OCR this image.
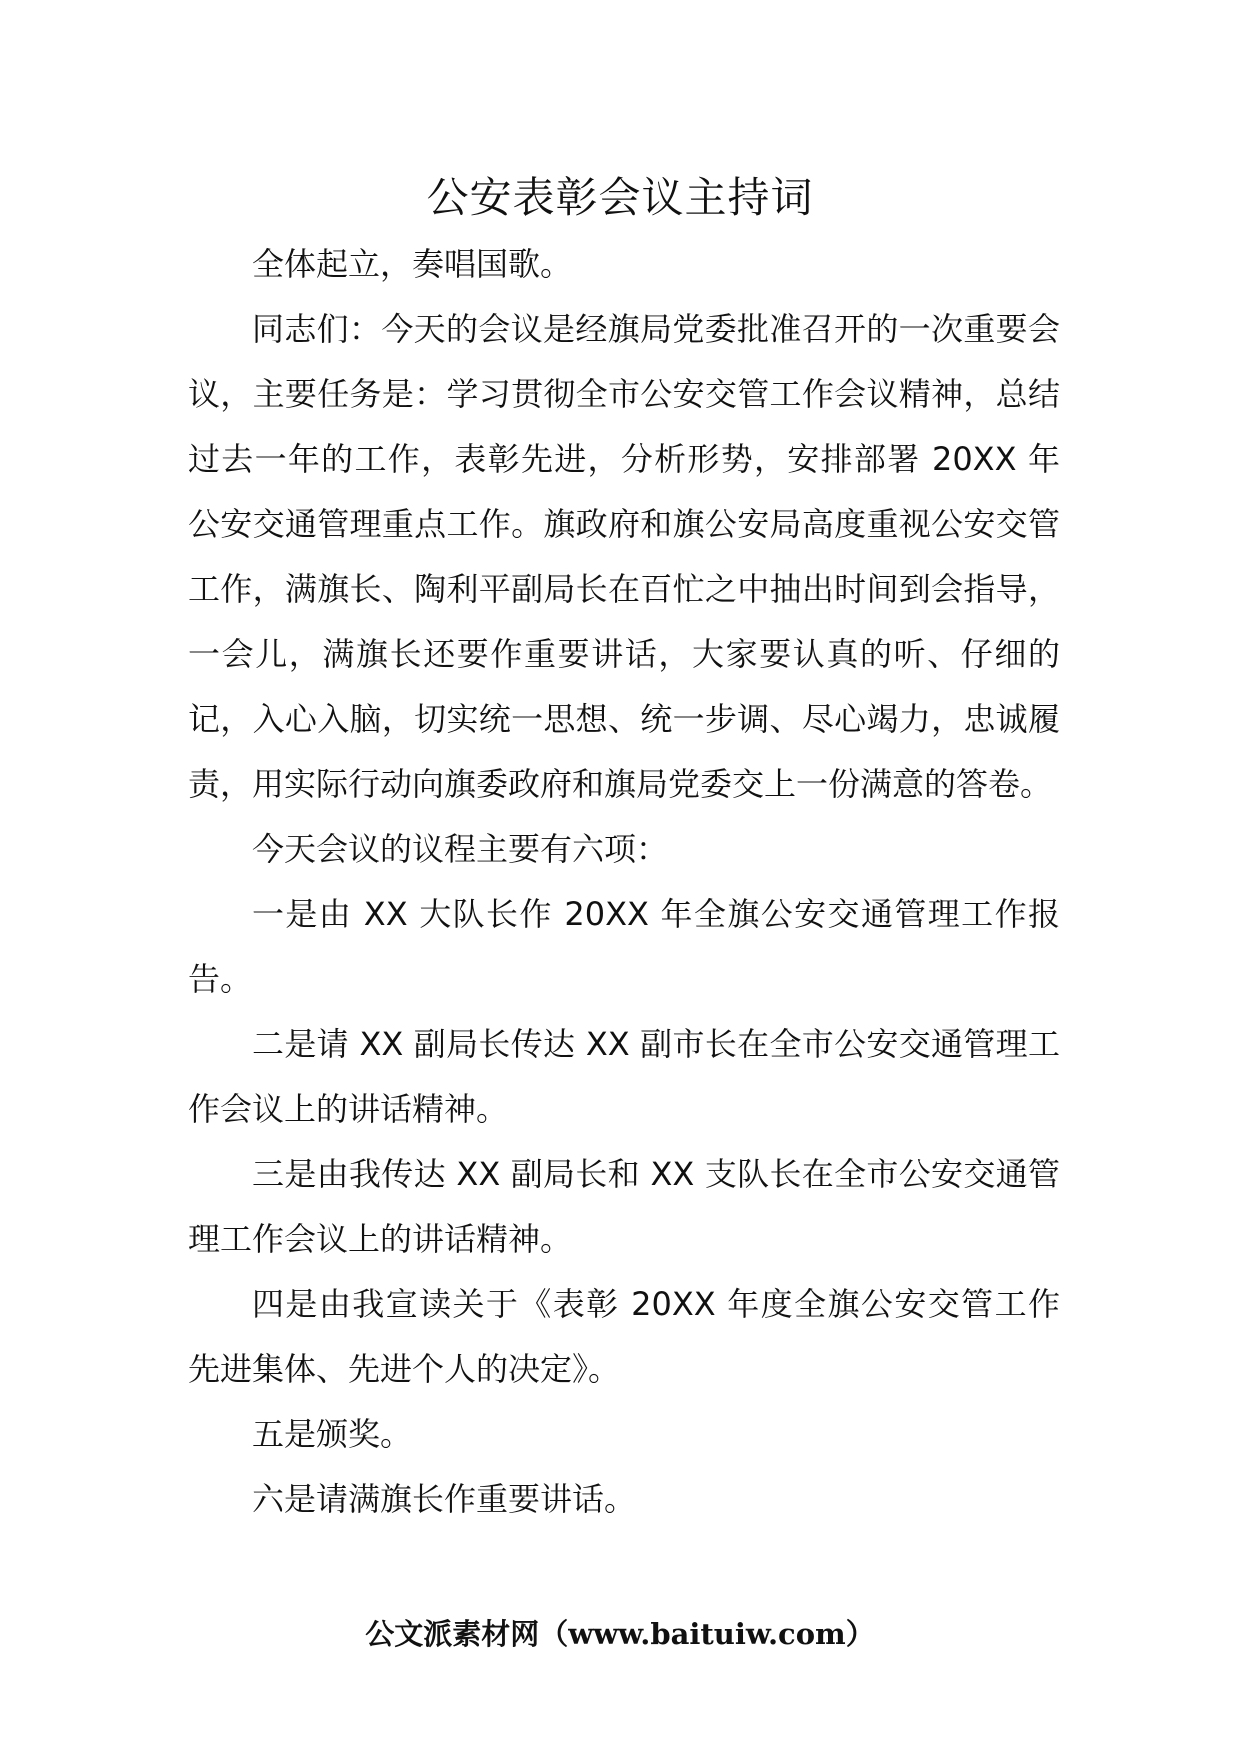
公安表彰会议主持词

全体起立，奏唱国歌。

同志们：今天的会议是经旗局党委批准召开的一次重要会议，主要任务是：学习贯彻全市公安交管工作会议精神，总结过去一年的工作，表彰先进，分析形势，安排部署 20XX 年公安交通管理重点工作。旗政府和旗公安局高度重视公安交管工作，满旗长、陶利平副局长在百忙之中抽出时间到会指导，一会儿，满旗长还要作重要讲话，大家要认真的听、仔细的记，入心入脑，切实统一思想、统一步调、尽心竭力，忠诚履责，用实际行动向旗委政府和旗局党委交上一份满意的答卷。

今天会议的议程主要有六项：

一是由 XX 大队长作 20XX 年全旗公安交通管理工作报告。

二是请 XX 副局长传达 XX 副市长在全市公安交通管理工作会议上的讲话精神。

三是由我传达 XX 副局长和 XX 支队长在全市公安交通管理工作会议上的讲话精神。

四是由我宣读关于《表彰 20XX 年度全旗公安交管工作先进集体、先进个人的决定》。

五是颁奖。

六是请满旗长作重要讲话。

公文派素材网（www.baituiw.com）
